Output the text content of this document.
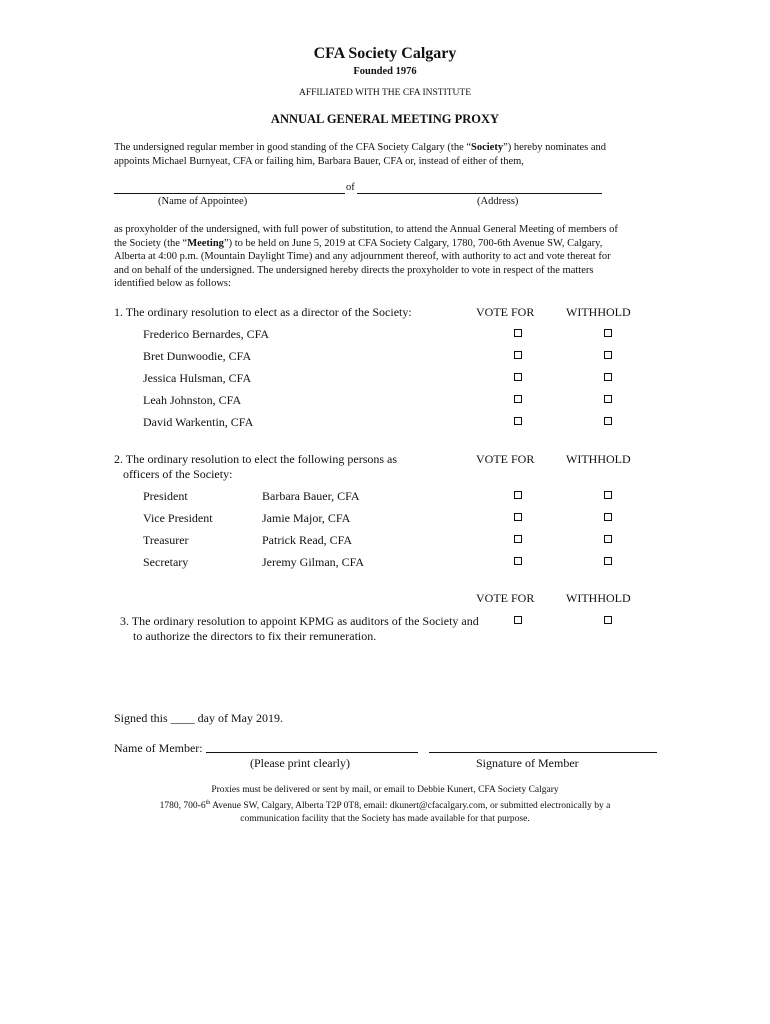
CFA Society Calgary
Founded 1976
AFFILIATED WITH THE CFA INSTITUTE
ANNUAL GENERAL MEETING PROXY
The undersigned regular member in good standing of the CFA Society Calgary (the “Society”) hereby nominates and
appoints Michael Burnyeat, CFA or failing him, Barbara Bauer, CFA or, instead of either of them,
of
(Name of Appointee)	(Address)
as proxyholder of the undersigned, with full power of substitution, to attend the Annual General Meeting of members of
the Society (the “Meeting”) to be held on June 5, 2019 at CFA Society Calgary, 1780, 700-6th Avenue SW, Calgary,
Alberta at 4:00 p.m. (Mountain Daylight Time) and any adjournment thereof, with authority to act and vote thereat for
and on behalf of the undersigned. The undersigned hereby directs the proxyholder to vote in respect of the matters
identified below as follows:
1. The ordinary resolution to elect as a director of the Society:	VOTE FOR	WITHHOLD
Frederico Bernardes, CFA
Bret Dunwoodie, CFA
Jessica Hulsman, CFA
Leah Johnston, CFA
David Warkentin, CFA
2. The ordinary resolution to elect the following persons as
officers of the Society:
VOTE FOR	WITHHOLD
President	Barbara Bauer, CFA
Vice President	Jamie Major, CFA
Treasurer	Patrick Read, CFA
Secretary	Jeremy Gilman, CFA
VOTE FOR	WITHHOLD
3. The ordinary resolution to appoint KPMG as auditors of the Society and
to authorize the directors to fix their remuneration.
Signed this ____ day of May 2019.
Name of Member:
(Please print clearly)	Signature of Member
Proxies must be delivered or sent by mail, or email to Debbie Kunert, CFA Society Calgary
1780, 700-6th Avenue SW, Calgary, Alberta T2P 0T8, email: dkunert@cfacalgary.com, or submitted electronically by a
communication facility that the Society has made available for that purpose.
